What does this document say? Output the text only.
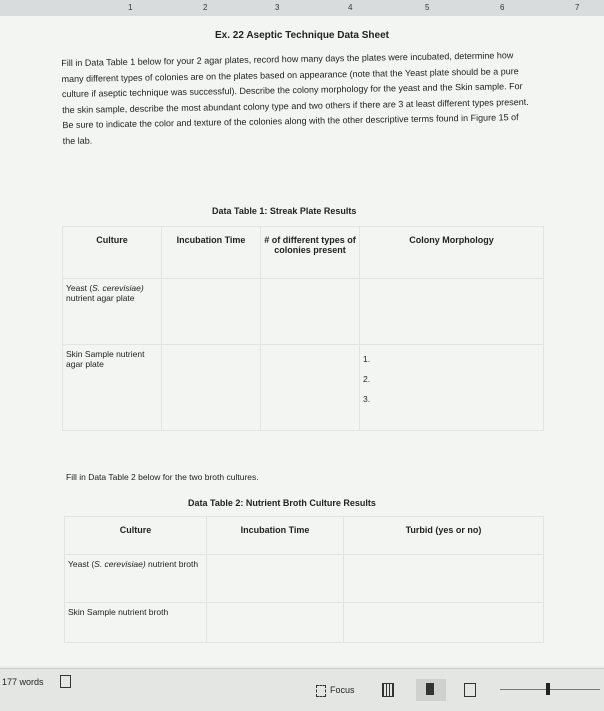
1	2	3	4	5	6	7
Ex. 22 Aseptic Technique Data Sheet
Fill in Data Table 1 below for your 2 agar plates, record how many days the plates were incubated, determine how many different types of colonies are on the plates based on appearance (note that the Yeast plate should be a pure culture if aseptic technique was successful). Describe the colony morphology for the yeast and the Skin sample. For the skin sample, describe the most abundant colony type and two others if there are 3 at least different types present. Be sure to indicate the color and texture of the colonies along with the other descriptive terms found in Figure 15 of the lab.
Data Table 1: Streak Plate Results
Culture	Incubation Time	# of different types of colonies present	Colony Morphology
Yeast (S. cerevisiae) nutrient agar plate			
Skin Sample nutrient agar plate			1.
2.
3.
Fill in Data Table 2 below for the two broth cultures.
Data Table 2: Nutrient Broth Culture Results
Culture	Incubation Time	Turbid (yes or no)
Yeast (S. cerevisiae) nutrient broth		
Skin Sample nutrient broth		
177 words
Focus
